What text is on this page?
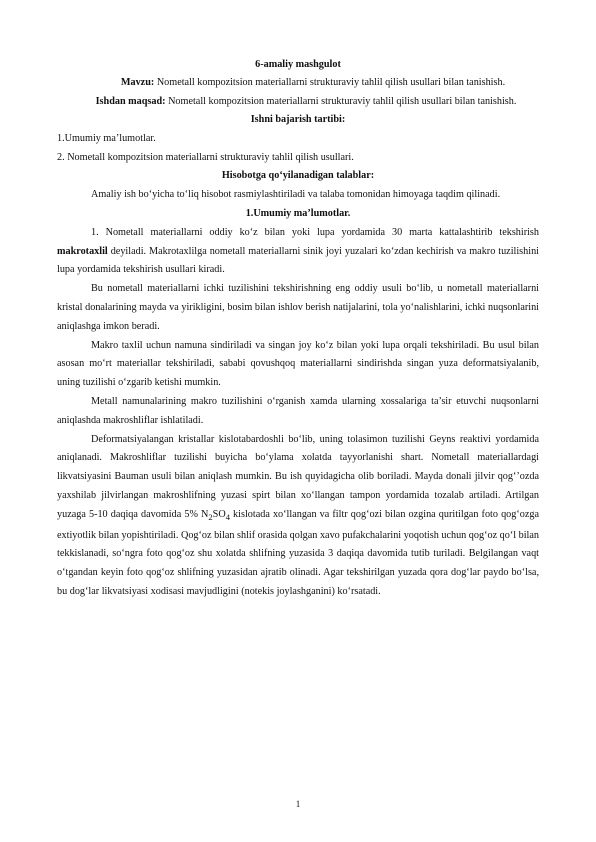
6-amaliy mashgulot
Mavzu: Nometall kompozitsion materiallarni strukturaviy tahlil qilish usullari bilan tanishish.
Ishdan maqsad: Nometall kompozitsion materiallarni strukturaviy tahlil qilish usullari bilan tanishish.
Ishni bajarish tartibi:
1.Umumiy ma’lumotlar.
2. Nometall kompozitsion materiallarni strukturaviy tahlil qilish usullari.
Hisobotga qo‘yilanadigan talablar:

Amaliy ish bo‘yicha to‘liq hisobot rasmiylashtiriladi va talaba tomonidan himoyaga taqdim qilinadi.

1.Umumiy ma’lumotlar.

1. Nometall materiallarni oddiy ko‘z bilan yoki lupa yordamida 30 marta kattalashtirib tekshirish makrotaxlil deyiladi. Makrotaxlilga nometall materiallarni sinik joyi yuzalari ko‘zdan kechirish va makro tuzilishini lupa yordamida tekshirish usullari kiradi.

Bu nometall materiallarni ichki tuzilishini tekshirishning eng oddiy usuli bo‘lib, u nometall materiallarni kristal donalarining mayda va yirikligini, bosim bilan ishlov berish natijalarini, tola yo‘nalishlarini, ichki nuqsonlarini aniqlashga imkon beradi.

Makro taxlil uchun namuna sindiriladi va singan joy ko‘z bilan yoki lupa orqali tekshiriladi. Bu usul bilan asosan mo‘rt materiallar tekshiriladi, sababi qovushqoq materiallarni sindirishda singan yuza deformatsiyalanib, uning tuzilishi o‘zgarib ketishi mumkin.

Metall namunalarining makro tuzilishini o‘rganish xamda ularning xossalariga ta’sir etuvchi nuqsonlarni aniqlashda makroshliflar ishlatiladi.

Deformatsiyalangan kristallar kislotabardoshli bo‘lib, uning tolasimon tuzilishi Geyns reaktivi yordamida aniqlanadi. Makroshliflar tuzilishi buyicha bo‘ylama xolatda tayyorlanishi shart. Nometall materiallardagi likvatsiyasini Bauman usuli bilan aniqlash mumkin. Bu ish quyidagicha olib boriladi. Mayda donali jilvir qog‘’ozda yaxshilab jilvirlangan makroshlifning yuzasi spirt bilan xo‘llangan tampon yordamida tozalab artiladi. Artilgan yuzaga 5-10 daqiqa davomida 5% $N_2SO_4$ kislotada xo‘llangan va filtr qog‘ozi bilan ozgina quritilgan foto qog‘ozga extiyotlik bilan yopishtiriladi. Qog‘oz bilan shlif orasida qolgan xavo pufakchalarini yoqotish uchun qog‘oz qo‘l bilan tekkislanadi, so‘ngra foto qog‘oz shu xolatda shlifning yuzasida 3 daqiqa davomida tutib turiladi. Belgilangan vaqt o‘tgandan keyin foto qog‘oz shlifning yuzasidan ajratib olinadi. Agar tekshirilgan yuzada qora dog‘lar paydo bo‘lsa, bu dog‘lar likvatsiyasi xodisasi mavjudligini (notekis joylashganini) ko‘rsatadi.

1
